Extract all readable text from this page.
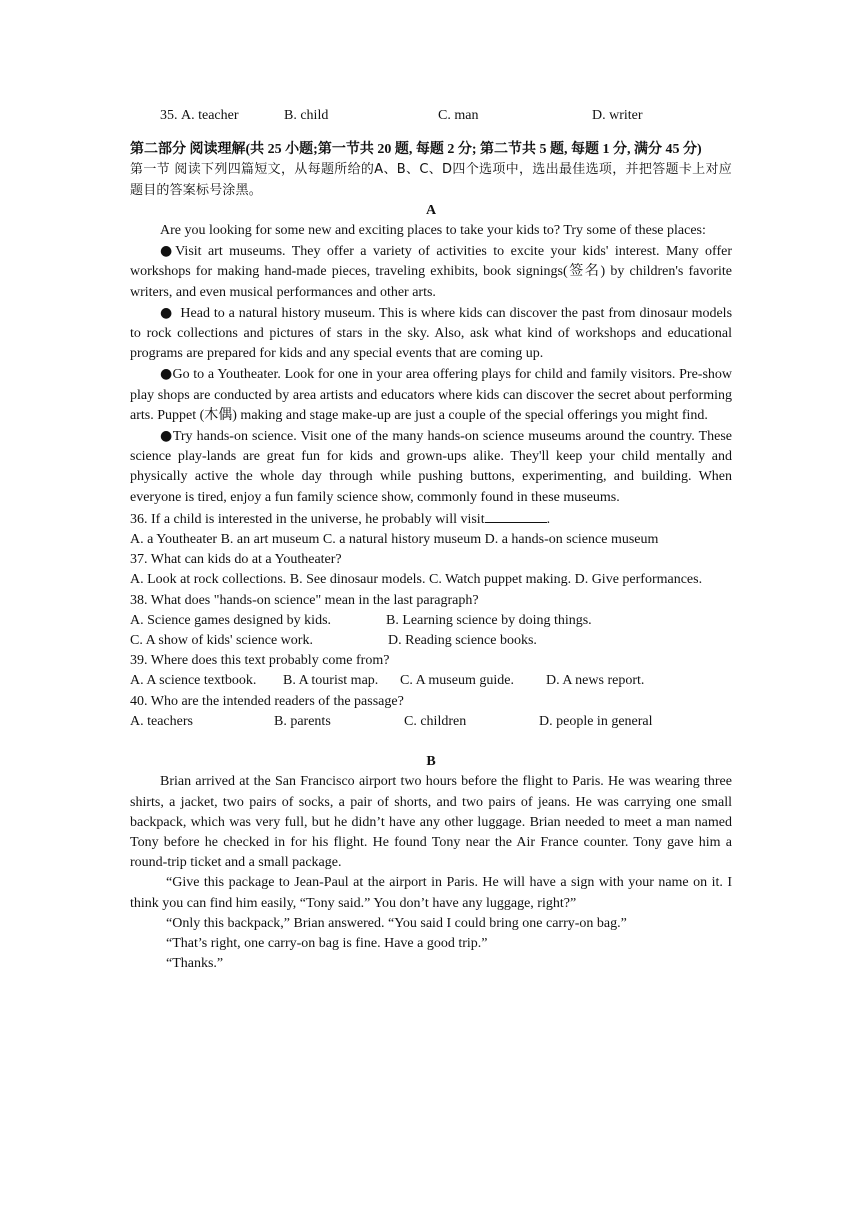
35. A. teacher	B. child	C. man	D. writer
第二部分 阅读理解(共 25 小题;第一节共 20 题, 每题 2 分; 第二节共 5 题, 每题 1 分, 满分 45 分)

第一节 阅读下列四篇短文，从每题所给的A、B、C、D四个选项中，选出最佳选项，并把答题卡上对应题目的答案标号涂黑。

A

Are you looking for some new and exciting places to take your kids to? Try some of these places:

●Visit art museums. They offer a variety of activities to excite your kids' interest. Many offer workshops for making hand-made pieces, traveling exhibits, book signings(签名) by children's favorite writers, and even musical performances and other arts.

● Head to a natural history museum. This is where kids can discover the past from dinosaur models to rock collections and pictures of stars in the sky. Also, ask what kind of workshops and educational programs are prepared for kids and any special events that are coming up.

●Go to a Youtheater. Look for one in your area offering plays for child and family visitors. Pre-show play shops are conducted by area artists and educators where kids can discover the secret about performing arts. Puppet (木偶) making and stage make-up are just a couple of the special offerings you might find.

●Try hands-on science. Visit one of the many hands-on science museums around the country. These science play-lands are great fun for kids and grown-ups alike. They'll keep your child mentally and physically active the whole day through while pushing buttons, experimenting, and building. When everyone is tired, enjoy a fun family science show, commonly found in these museums.

36. If a child is interested in the universe, he probably will visit	.

A. a Youtheater B. an art museum C. a natural history museum D. a hands-on science museum

37. What can kids do at a Youtheater?

A. Look at rock collections. B. See dinosaur models. C. Watch puppet making. D. Give performances.

38. What does "hands-on science" mean in the last paragraph?

A. Science games designed by kids.	B. Learning science by doing things.
C. A show of kids' science work.	D. Reading science books.

39. Where does this text probably come from?

A. A science textbook.	B. A tourist map.	C. A museum guide.	D. A news report.

40. Who are the intended readers of the passage?

A. teachers	B. parents	C. children	D. people in general

B

Brian arrived at the San Francisco airport two hours before the flight to Paris. He was wearing three shirts, a jacket, two pairs of socks, a pair of shorts, and two pairs of jeans. He was carrying one small backpack, which was very full, but he didn’t have any other luggage. Brian needed to meet a man named Tony before he checked in for his flight. He found Tony near the Air France counter. Tony gave him a round-trip ticket and a small package.

“Give this package to Jean-Paul at the airport in Paris. He will have a sign with your name on it. I think you can find him easily, “Tony said.” You don’t have any luggage, right?”

“Only this backpack,” Brian answered. “You said I could bring one carry-on bag.”

“That’s right, one carry-on bag is fine. Have a good trip.”

“Thanks.”
